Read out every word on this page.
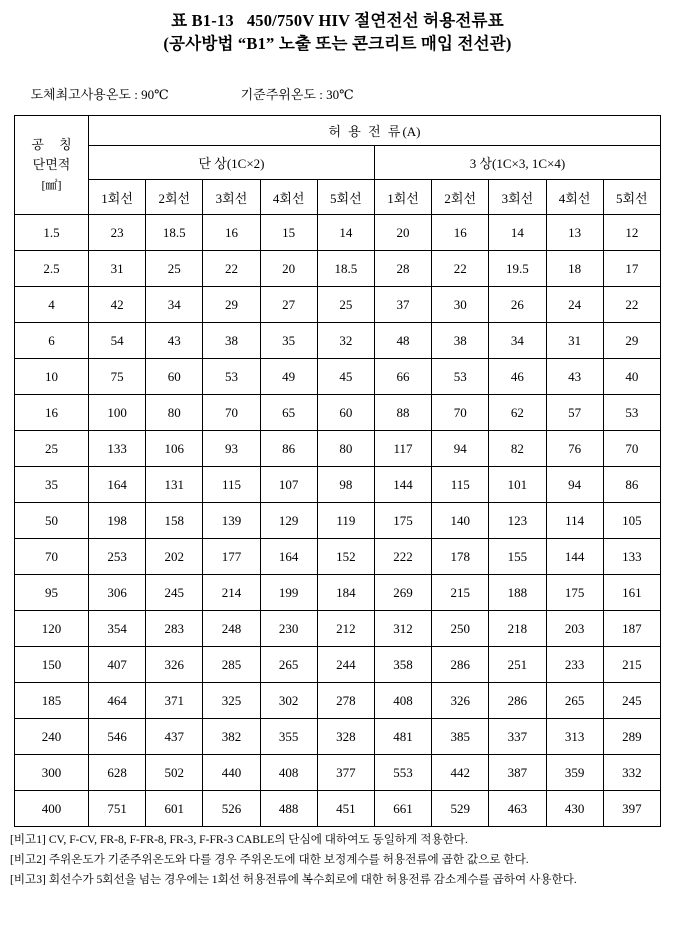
표 B1-13   450/750V HIV 절연전선 허용전류표
(공사방법 “B1” 노출 또는 콘크리트 매입 전선관)

도체최고사용온도 : 90℃	기준주위온도 : 30℃

공 칭
단면적
[㎟]	허 용 전 류(A)									
	단 상(1C×2)					3 상(1C×3, 1C×4)				
	1회선	2회선	3회선	4회선	5회선	1회선	2회선	3회선	4회선	5회선
1.5	23	18.5	16	15	14	20	16	14	13	12
2.5	31	25	22	20	18.5	28	22	19.5	18	17
4	42	34	29	27	25	37	30	26	24	22
6	54	43	38	35	32	48	38	34	31	29
10	75	60	53	49	45	66	53	46	43	40
16	100	80	70	65	60	88	70	62	57	53
25	133	106	93	86	80	117	94	82	76	70
35	164	131	115	107	98	144	115	101	94	86
50	198	158	139	129	119	175	140	123	114	105
70	253	202	177	164	152	222	178	155	144	133
95	306	245	214	199	184	269	215	188	175	161
120	354	283	248	230	212	312	250	218	203	187
150	407	326	285	265	244	358	286	251	233	215
185	464	371	325	302	278	408	326	286	265	245
240	546	437	382	355	328	481	385	337	313	289
300	628	502	440	408	377	553	442	387	359	332
400	751	601	526	488	451	661	529	463	430	397
[비고1] CV, F-CV, FR-8, F-FR-8, FR-3, F-FR-3 CABLE의 단심에 대하여도 동일하게 적용한다.
[비고2] 주위온도가 기준주위온도와 다를 경우 주위온도에 대한 보정계수를 허용전류에 곱한 값으로 한다.
[비고3] 회선수가 5회선을 넘는 경우에는 1회선 허용전류에 복수회로에 대한 허용전류 감소계수를 곱하여 사용한다.
